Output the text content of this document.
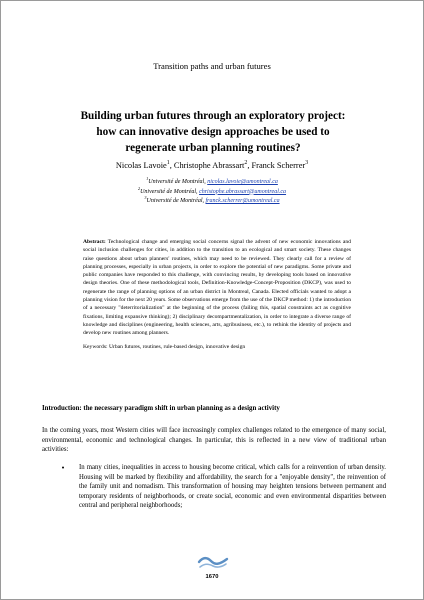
Transition paths and urban futures
Building urban futures through an exploratory project:
how can innovative design approaches be used to
regenerate urban planning routines?
Nicolas Lavoie$^1$, Christophe Abrassart$^2$, Franck Scherrer$^3$
$^1$Université de Montréal, nicolas.lavoie@umontreal.ca
$^2$Université de Montréal, christophe.abrassart@umontreal.ca
$^3$Université de Montréal, franck.scherrer@umontreal.ca
Abstract: Technological change and emerging social concerns signal the advent of new economic innovations and social inclusion challenges for cities, in addition to the transition to an ecological and smart society. These changes raise questions about urban planners' routines, which may need to be reviewed. They clearly call for a review of planning processes, especially in urban projects, in order to explore the potential of new paradigms. Some private and public companies have responded to this challenge, with convincing results, by developing tools based on innovative design theories. One of these methodological tools, Definition-Knowledge-Concept-Proposition (DKCP), was used to regenerate the range of planning options of an urban district in Montreal, Canada. Elected officials wanted to adopt a planning vision for the next 20 years. Some observations emerge from the use of the DKCP method: 1) the introduction of a necessary "deterritorialization" at the beginning of the process (failing this, spatial constraints act as cognitive fixations, limiting expansive thinking); 2) disciplinary decompartmentalization, in order to integrate a diverse range of knowledge and disciplines (engineering, health sciences, arts, agribusiness, etc.), to rethink the identity of projects and develop new routines among planners.
Keywords: Urban futures, routines, rule-based design, innovative design
Introduction: the necessary paradigm shift in urban planning as a design activity
In the coming years, most Western cities will face increasingly complex challenges related to the emergence of many social, environmental, economic and technological changes. In particular, this is reflected in a new view of traditional urban activities:
• In many cities, inequalities in access to housing become critical, which calls for a reinvention of urban density. Housing will be marked by flexibility and affordability, the search for a "enjoyable density", the reinvention of the family unit and nomadism. This transformation of housing may heighten tensions between permanent and temporary residents of neighborhoods, or create social, economic and even environmental disparities between central and peripheral neighborhoods;
1670
